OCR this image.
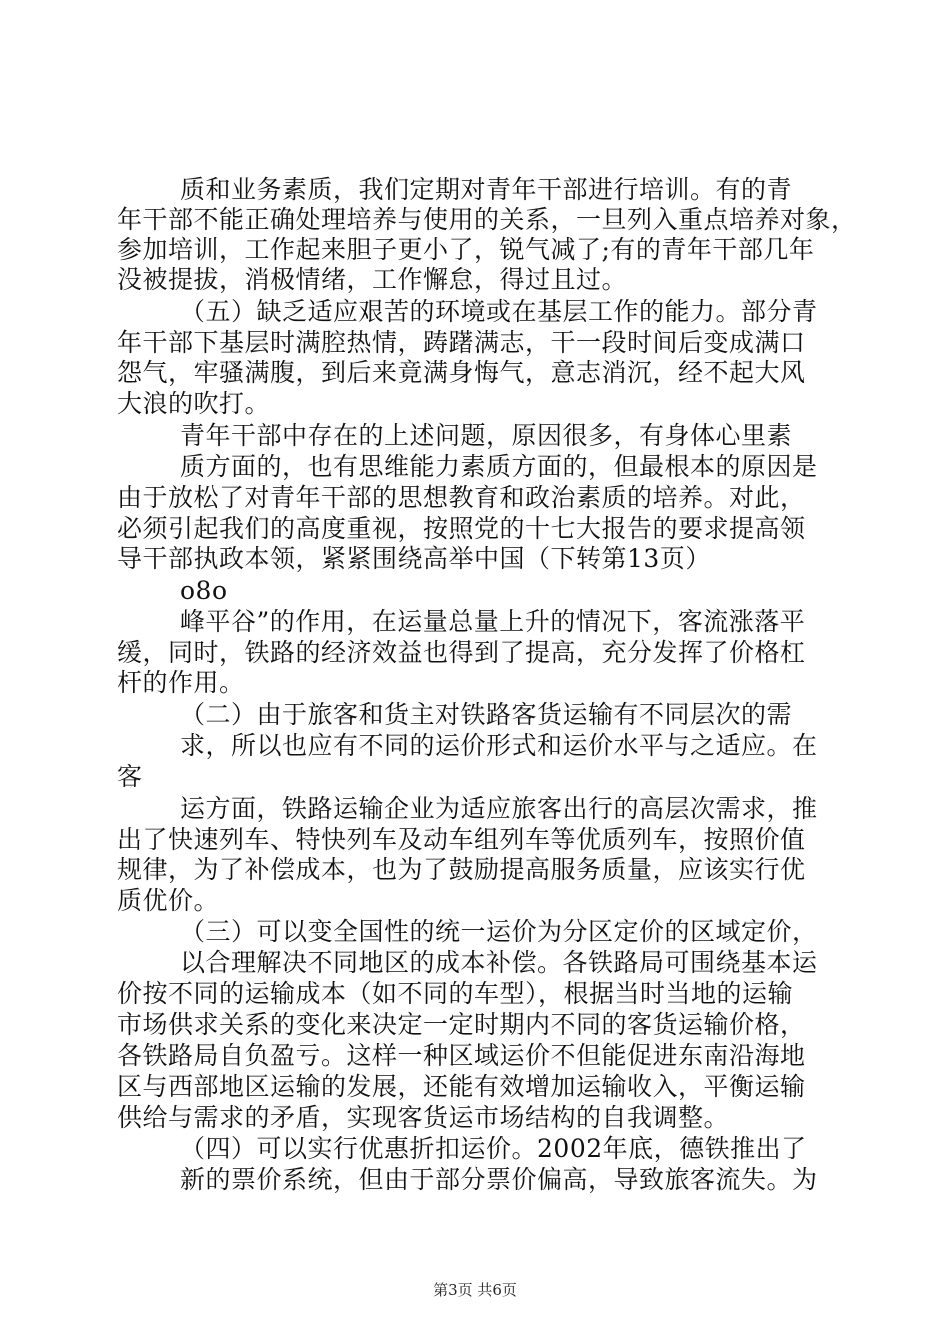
质和业务素质，我们定期对青年干部进行培训。有的青
年干部不能正确处理培养与使用的关系，一旦列入重点培养对象，
参加培训，工作起来胆子更小了，锐气减了;有的青年干部几年
没被提拔，消极情绪，工作懈怠，得过且过。
（五）缺乏适应艰苦的环境或在基层工作的能力。部分青
年干部下基层时满腔热情，踌躇满志，干一段时间后变成满口
怨气，牢骚满腹，到后来竟满身悔气，意志消沉，经不起大风
大浪的吹打。
青年干部中存在的上述问题，原因很多，有身体心里素
质方面的，也有思维能力素质方面的，但最根本的原因是
由于放松了对青年干部的思想教育和政治素质的培养。对此，
必须引起我们的高度重视，按照党的十七大报告的要求提高领
导干部执政本领，紧紧围绕高举中国（下转第13页）
o8o
峰平谷”的作用，在运量总量上升的情况下，客流涨落平
缓，同时，铁路的经济效益也得到了提高，充分发挥了价格杠
杆的作用。
（二）由于旅客和货主对铁路客货运输有不同层次的需
求，所以也应有不同的运价形式和运价水平与之适应。在
客
运方面，铁路运输企业为适应旅客出行的高层次需求，推
出了快速列车、特快列车及动车组列车等优质列车，按照价值
规律，为了补偿成本，也为了鼓励提高服务质量，应该实行优
质优价。
（三）可以变全国性的统一运价为分区定价的区域定价，
以合理解决不同地区的成本补偿。各铁路局可围绕基本运
价按不同的运输成本（如不同的车型），根据当时当地的运输
市场供求关系的变化来决定一定时期内不同的客货运输价格，
各铁路局自负盈亏。这样一种区域运价不但能促进东南沿海地
区与西部地区运输的发展，还能有效增加运输收入，平衡运输
供给与需求的矛盾，实现客货运市场结构的自我调整。
（四）可以实行优惠折扣运价。2002年底，德铁推出了
新的票价系统，但由于部分票价偏高，导致旅客流失。为
第3页 共6页
